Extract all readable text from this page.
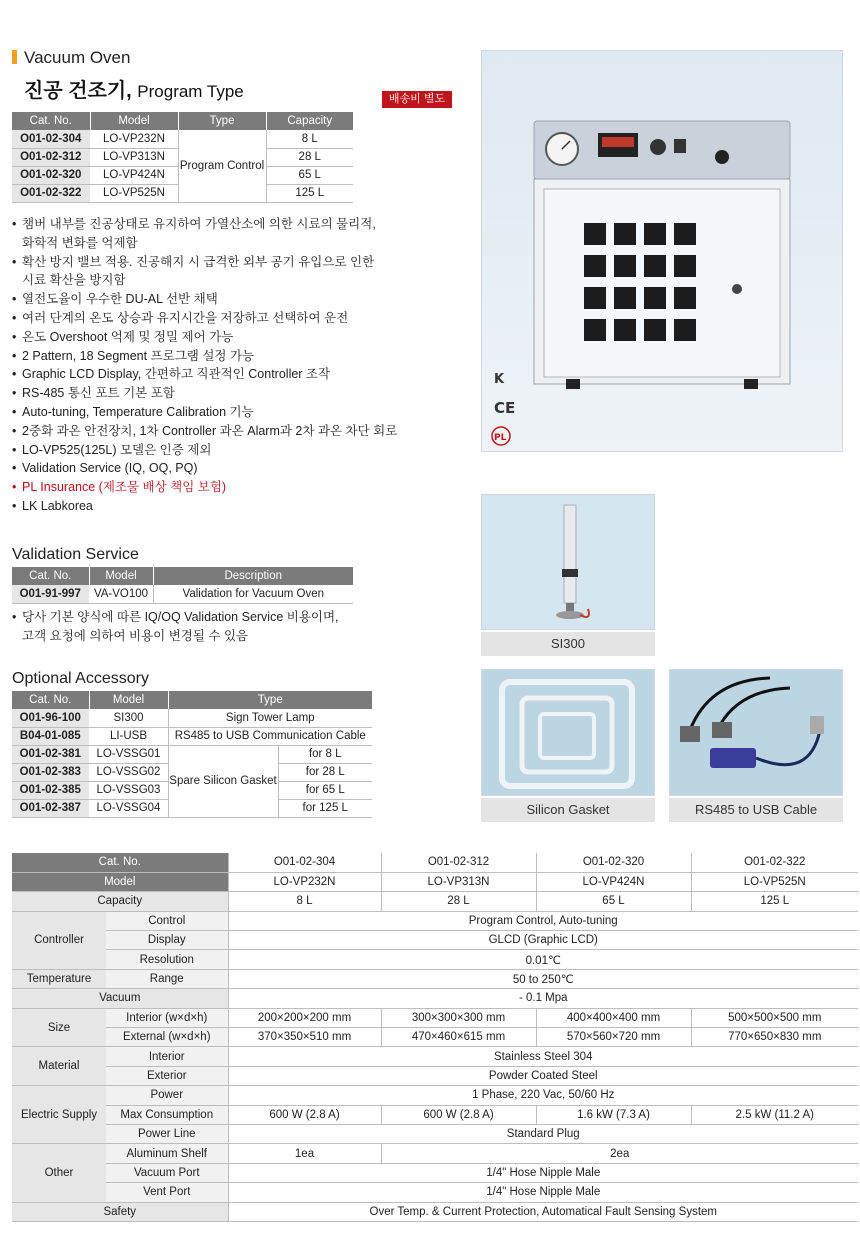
Vacuum Oven
진공 건조기, Program Type	배송비 별도
Cat. No.	Model	Type	Capacity
O01-02-304	LO-VP232N	Program Control	8 L
O01-02-312	LO-VP313N		28 L
O01-02-320	LO-VP424N		65 L
O01-02-322	LO-VP525N		125 L
• 챔버 내부를 진공상태로 유지하여 가열산소에 의한 시료의 물리적,
화학적 변화를 억제함
• 확산 방지 밸브 적용. 진공해지 시 급격한 외부 공기 유입으로 인한
시료 확산을 방지함
• 열전도율이 우수한 DU-AL 선반 채택
• 여러 단계의 온도 상승과 유지시간을 저장하고 선택하여 운전
• 온도 Overshoot 억제 및 정밀 제어 가능
• 2 Pattern, 18 Segment 프로그램 설정 가능
• Graphic LCD Display, 간편하고 직관적인 Controller 조작
• RS-485 통신 포트 기본 포함
• Auto-tuning, Temperature Calibration 기능
• 2중화 과온 안전장치, 1차 Controller 과온 Alarm과 2차 과온 차단 회로
• LO-VP525(125L) 모델은 인증 제외
• Validation Service (IQ, OQ, PQ)
• PL Insurance (제조물 배상 책임 보험)
• LK Labkorea
K
CE
PL
SI300
Silicon Gasket	RS485 to USB Cable
Validation Service
Cat. No.	Model	Description
O01-91-997	VA-VO100	Validation for Vacuum Oven
• 당사 기본 양식에 따른 IQ/OQ Validation Service 비용이며,
고객 요청에 의하여 비용이 변경될 수 있음
Optional Accessory
Cat. No.	Model	Type	
O01-96-100	SI300	Sign Tower Lamp	
B04-01-085	LI-USB	RS485 to USB Communication Cable	
O01-02-381	LO-VSSG01	Spare Silicon Gasket	for 8 L
O01-02-383	LO-VSSG02		for 28 L
O01-02-385	LO-VSSG03		for 65 L
O01-02-387	LO-VSSG04		for 125 L
Cat. No.		O01-02-304	O01-02-312	O01-02-320	O01-02-322
Model		LO-VP232N	LO-VP313N	LO-VP424N	LO-VP525N
Capacity		8 L	28 L	65 L	125 L
Controller	Control	Program Control, Auto-tuning			
	Display	GLCD (Graphic LCD)			
	Resolution	0.01℃			
Temperature	Range	50 to 250℃			
Vacuum		- 0.1 Mpa			
Size	Interior (w×d×h)	200×200×200 mm	300×300×300 mm	400×400×400 mm	500×500×500 mm
	External (w×d×h)	370×350×510 mm	470×460×615 mm	570×560×720 mm	770×650×830 mm
Material	Interior	Stainless Steel 304			
	Exterior	Powder Coated Steel			
Electric Supply	Power	1 Phase, 220 Vac, 50/60 Hz			
	Max Consumption	600 W (2.8 A)	600 W (2.8 A)	1.6 kW (7.3 A)	2.5 kW (11.2 A)
	Power Line	Standard Plug			
Other	Aluminum Shelf	1ea	2ea		
	Vacuum Port	1/4" Hose Nipple Male			
	Vent Port	1/4" Hose Nipple Male			
Safety		Over Temp. & Current Protection, Automatical Fault Sensing System			
